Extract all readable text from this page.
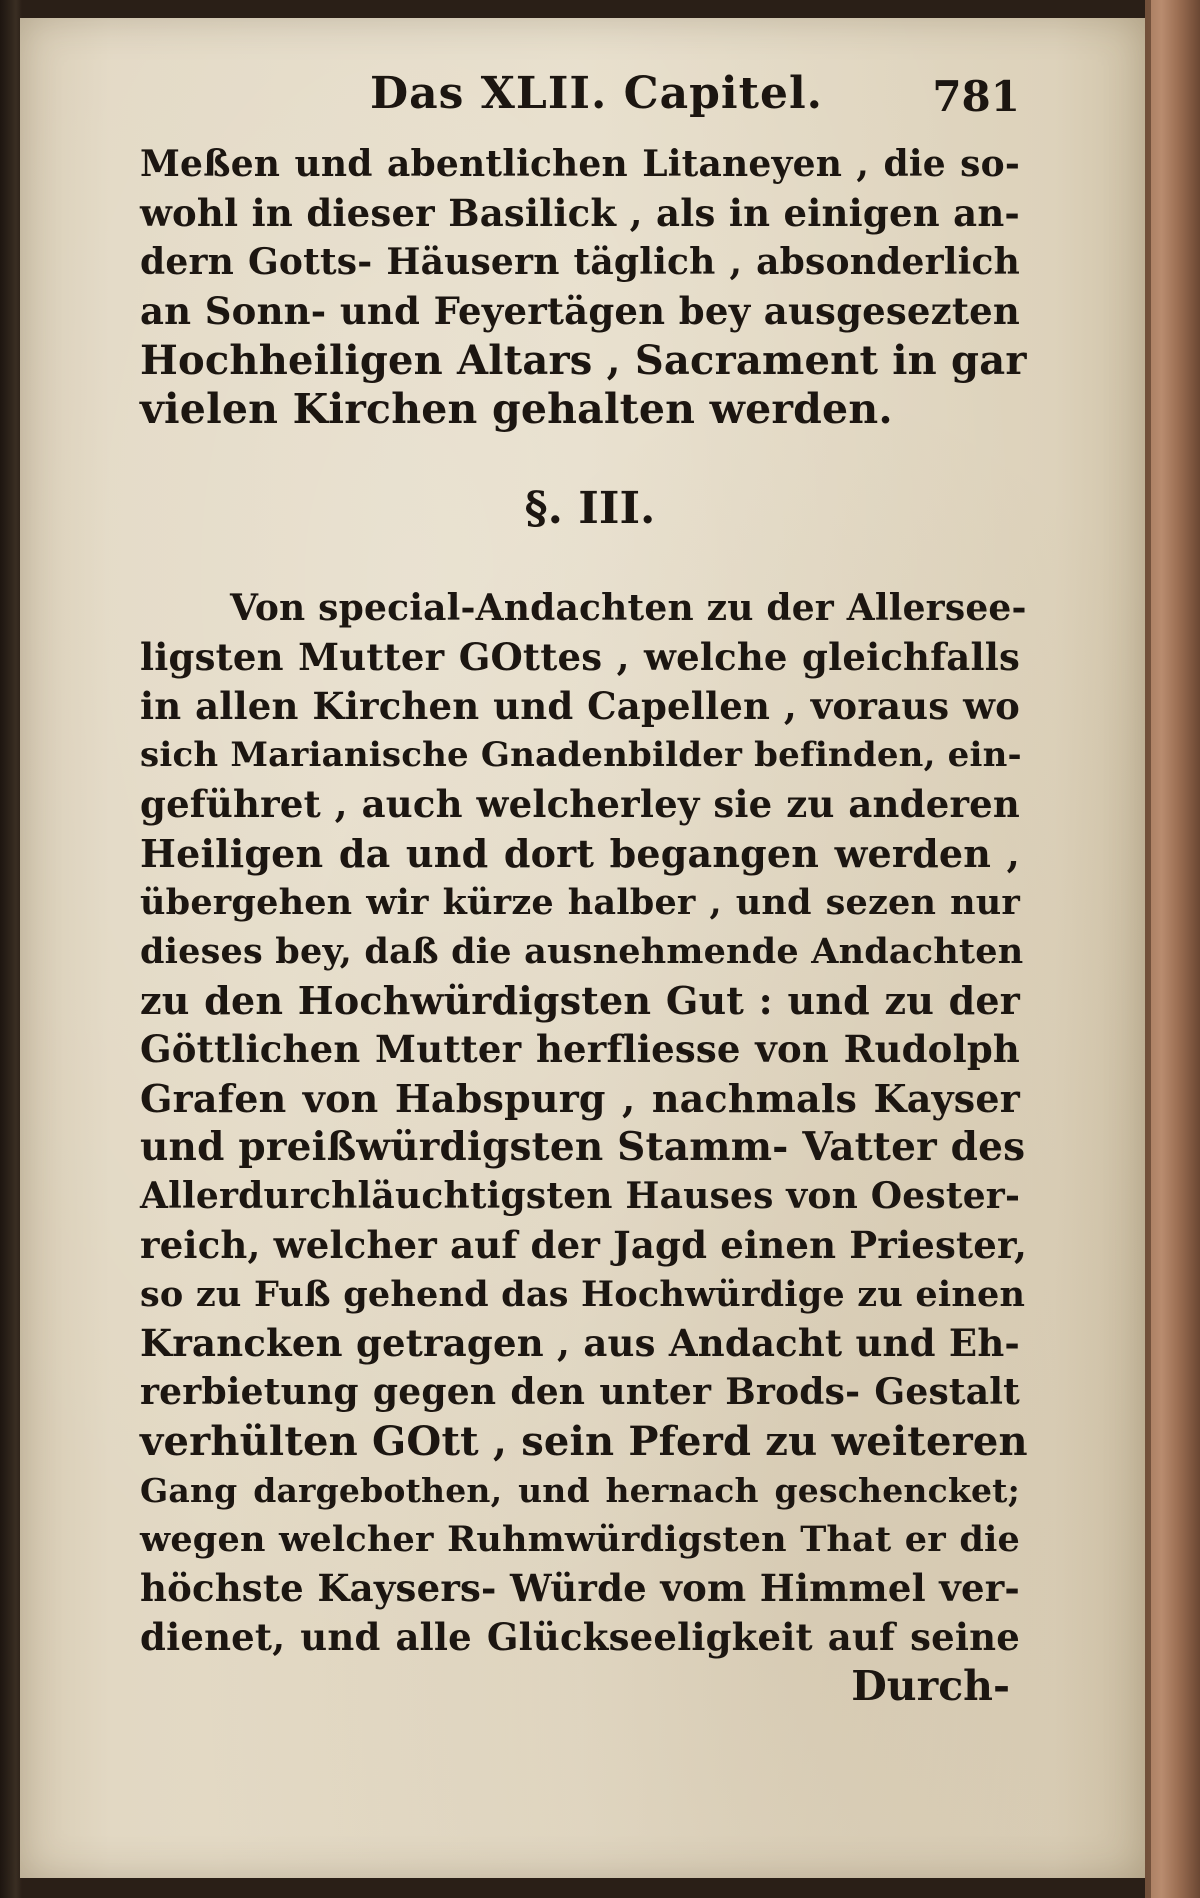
Das XLII. Capitel.	781
Meßen und abentlichen Litaneyen , die so-
wohl in dieser Basilick , als in einigen an-
dern Gotts- Häusern täglich , absonderlich
an Sonn- und Feyertägen bey ausgesezten
Hochheiligen Altars , Sacrament in gar
vielen Kirchen gehalten werden.
§. III.
Von special-Andachten zu der Allersee-
ligsten Mutter GOttes , welche gleichfalls
in allen Kirchen und Capellen , voraus wo
sich Marianische Gnadenbilder befinden, ein-
geführet , auch welcherley sie zu anderen
Heiligen da und dort begangen werden ,
übergehen wir kürze halber , und sezen nur
dieses bey, daß die ausnehmende Andachten
zu den Hochwürdigsten Gut : und zu der
Göttlichen Mutter herfliesse von Rudolph
Grafen von Habspurg , nachmals Kayser
und preißwürdigsten Stamm- Vatter des
Allerdurchläuchtigsten Hauses von Oester-
reich, welcher auf der Jagd einen Priester,
so zu Fuß gehend das Hochwürdige zu einen
Krancken getragen , aus Andacht und Eh-
rerbietung gegen den unter Brods- Gestalt
verhülten GOtt , sein Pferd zu weiteren
Gang dargebothen, und hernach geschencket;
wegen welcher Ruhmwürdigsten That er die
höchste Kaysers- Würde vom Himmel ver-
dienet, und alle Glückseeligkeit auf seine
Durch-
